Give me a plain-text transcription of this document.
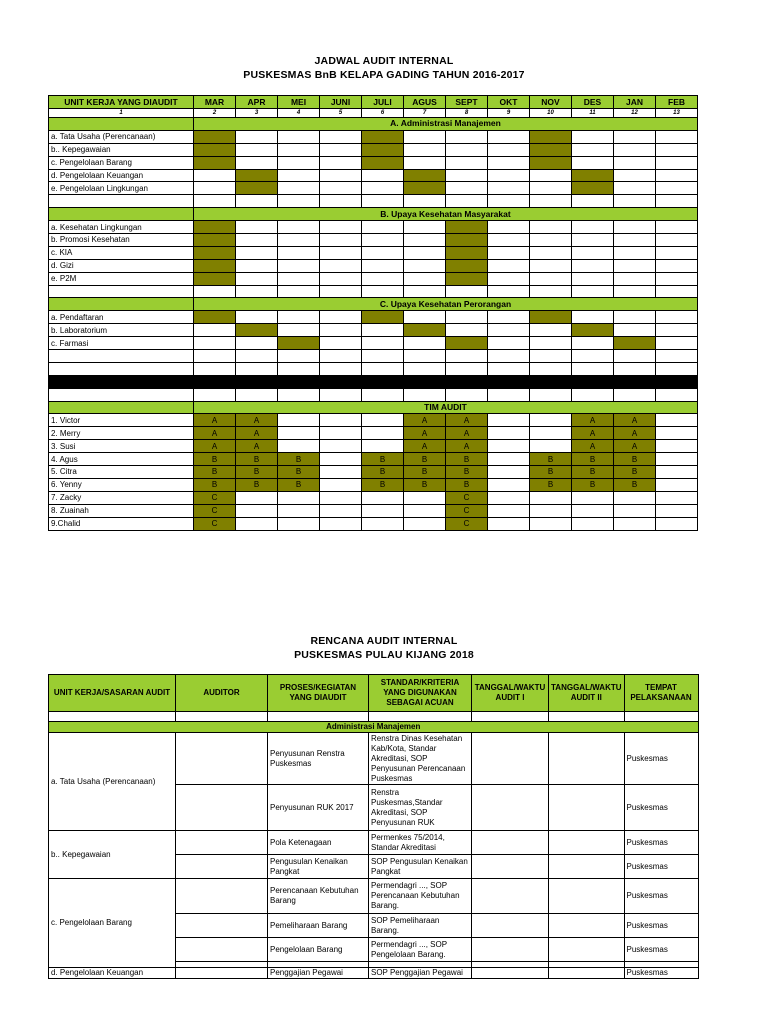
JADWAL AUDIT INTERNAL
PUSKESMAS BnB KELAPA GADING TAHUN 2016-2017
UNIT KERJA YANG DIAUDIT	MAR	APR	MEI	JUNI	JULI	AGUS	SEPT	OKT	NOV	DES	JAN	FEB
1	2	3	4	5	6	7	8	9	10	11	12	13
	A. Administrasi Manajemen											
a. Tata Usaha (Perencanaan)												
b.. Kepegawaian												
c. Pengelolaan Barang												
d. Pengelolaan Keuangan												
e. Pengelolaan Lingkungan												

	B. Upaya Kesehatan Masyarakat											
a. Kesehatan Lingkungan												
b. Promosi Kesehatan												
c. KIA												
d. Gizi												
e. P2M												

	C. Upaya Kesehatan Perorangan											
a. Pendaftaran												
b. Laboratorium												
c. Farmasi												

	TIM AUDIT											
1. Victor	A	A				A	A			A	A	
2. Merry	A	A				A	A			A	A	
3. Susi	A	A				A	A			A	A	
4. Agus	B	B	B		B	B	B		B	B	B	
5. Citra	B	B	B		B	B	B		B	B	B	
6. Yenny	B	B	B		B	B	B		B	B	B	
7. Zacky	C						C					
8. Zuainah	C						C					
9.Chalid	C						C					
RENCANA AUDIT INTERNAL
PUSKESMAS PULAU KIJANG 2018
UNIT KERJA/SASARAN AUDIT	AUDITOR	PROSES/KEGIATAN YANG DIAUDIT	STANDAR/KRITERIA YANG DIGUNAKAN SEBAGAI ACUAN	TANGGAL/WAKTU AUDIT I	TANGGAL/WAKTU AUDIT II	TEMPAT PELAKSANAAN

Administrasi Manajemen						
a. Tata Usaha (Perencanaan)		Penyusunan Renstra Puskesmas	Renstra Dinas Kesehatan Kab/Kota, Standar Akreditasi, SOP Penyusunan Perencanaan Puskesmas			Puskesmas
		Penyusunan RUK 2017	Renstra Puskesmas,Standar Akreditasi, SOP Penyusunan RUK			Puskesmas
b.. Kepegawaian		Pola Ketenagaan	Permenkes 75/2014, Standar Akreditasi			Puskesmas
		Pengusulan Kenaikan Pangkat	SOP Pengusulan Kenaikan Pangkat			Puskesmas
c. Pengelolaan Barang		Perencanaan Kebutuhan Barang	Permendagri ..., SOP Perencanaan Kebutuhan Barang.			Puskesmas
		Pemeliharaan Barang	SOP Pemeliharaan Barang.			Puskesmas
		Pengelolaan Barang	Permendagri ..., SOP Pengelolaan Barang.			Puskesmas

d. Pengelolaan Keuangan		Penggajian Pegawai	SOP Penggajian Pegawai			Puskesmas
